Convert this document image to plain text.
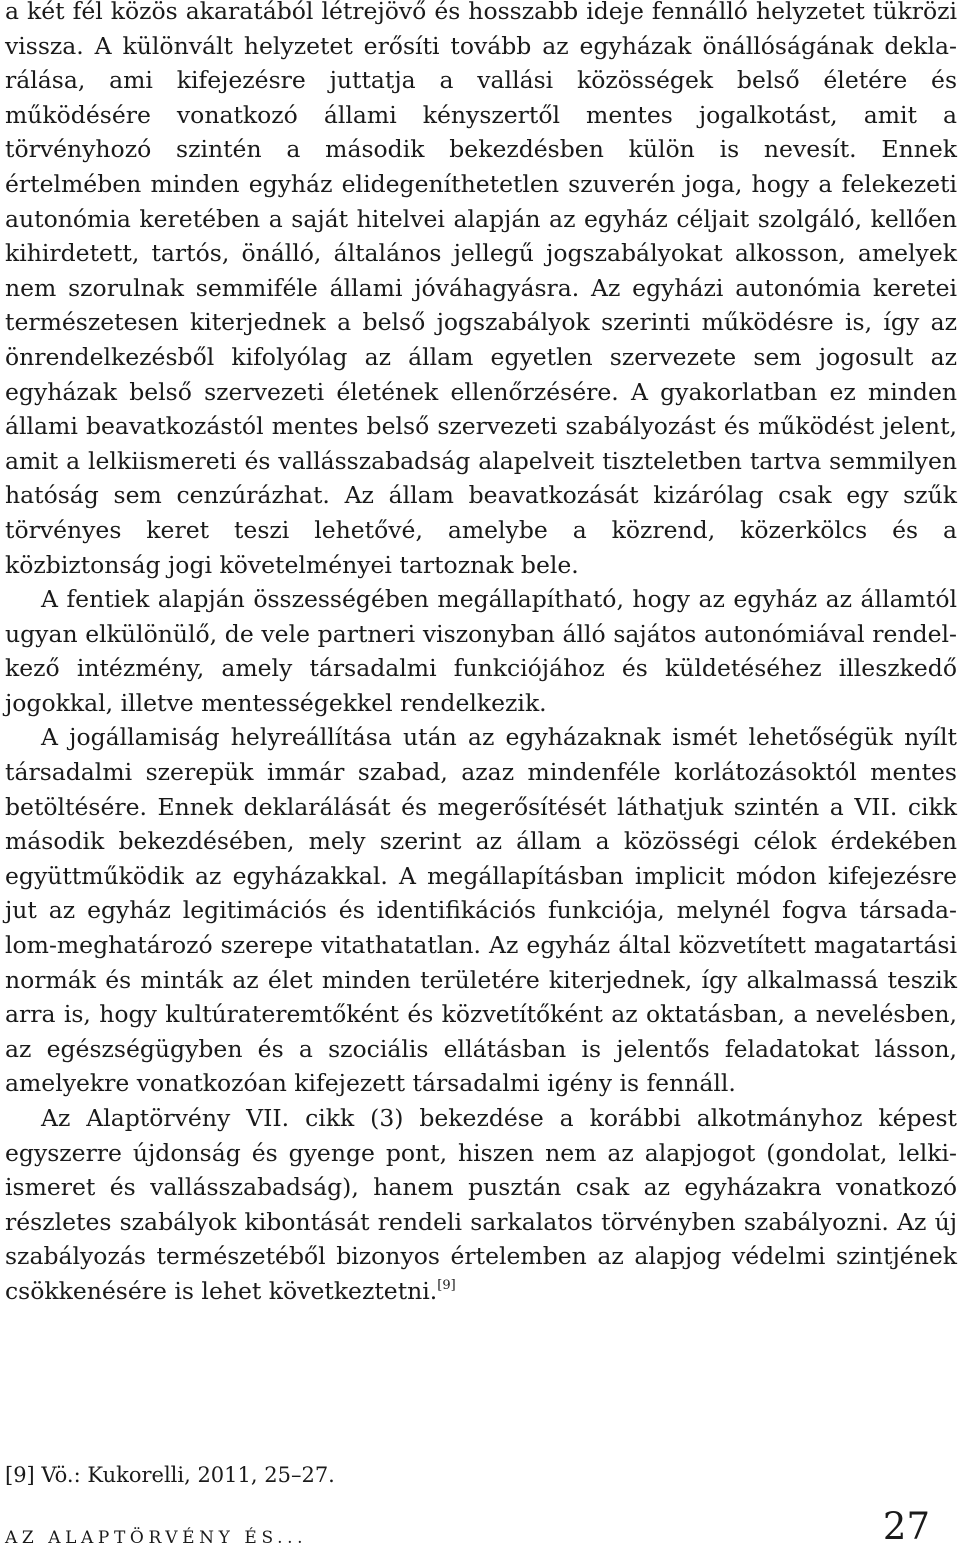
a két fél közös akaratából létrejövő és hosszabb ideje fennálló helyzetet tükrözi vissza. A különvált helyzetet erősíti tovább az egyházak önállóságának deklarálása, ami kifejezésre juttatja a vallási közösségek belső életére és működésére vonatkozó állami kényszertől mentes jogalkotást, amit a törvényhozó szintén a második bekezdésben külön is nevesít. Ennek értelmében minden egyház elidegeníthetetlen szuverén joga, hogy a felekezeti autonómia keretében a saját hitelvei alapján az egyház céljait szolgáló, kellően kihirdetett, tartós, önálló, általános jellegű jogszabályokat alkosson, amelyek nem szorulnak semmiféle állami jóváhagyásra. Az egyházi autonómia keretei természetesen kiterjednek a belső jogszabályok szerinti működésre is, így az önrendelkezésből kifolyólag az állam egyetlen szervezete sem jogosult az egyházak belső szervezeti életének ellenőrzésére. A gyakorlatban ez minden állami beavatkozástól mentes belső szervezeti szabályozást és működést jelent, amit a lelkiismereti és vallásszabadság alapelveit tiszteletben tartva semmilyen hatóság sem cenzúrázhat. Az állam beavatkozását kizárólag csak egy szűk törvényes keret teszi lehetővé, amelybe a közrend, közerkölcs és a közbiztonság jogi követelményei tartoznak bele.

A fentiek alapján összességében megállapítható, hogy az egyház az államtól ugyan elkülönülő, de vele partneri viszonyban álló sajátos autonómiával rendelkező intézmény, amely társadalmi funkciójához és küldetéséhez illeszkedő jogokkal, illetve mentességekkel rendelkezik.

A jogállamiság helyreállítása után az egyházaknak ismét lehetőségük nyílt társadalmi szerepük immár szabad, azaz mindenféle korlátozásoktól mentes betöltésére. Ennek deklarálását és megerősítését láthatjuk szintén a VII. cikk második bekezdésében, mely szerint az állam a közösségi célok érdekében együttműködik az egyházakkal. A megállapításban implicit módon kifejezésre jut az egyház legitimációs és identifikációs funkciója, melynél fogva társadalom-meghatározó szerepe vitathatatlan. Az egyház által közvetített magatartási normák és minták az élet minden területére kiterjednek, így alkalmassá teszik arra is, hogy kultúrateremtőként és közvetítőként az oktatásban, a nevelésben, az egészségügyben és a szociális ellátásban is jelentős feladatokat lásson, amelyekre vonatkozóan kifejezett társadalmi igény is fennáll.

Az Alaptörvény VII. cikk (3) bekezdése a korábbi alkotmányhoz képest egyszerre újdonság és gyenge pont, hiszen nem az alapjogot (gondolat, lelkiismeret és vallásszabadság), hanem pusztán csak az egyházakra vonatkozó részletes szabályok kibontását rendeli sarkalatos törvényben szabályozni. Az új szabályozás természetéből bizonyos értelemben az alapjog védelmi szintjének csökkenésére is lehet következtetni.[9]

[9] Vö.: Kukorelli, 2011, 25–27.
AZ ALAPTÖRVÉNY ÉS...	27
